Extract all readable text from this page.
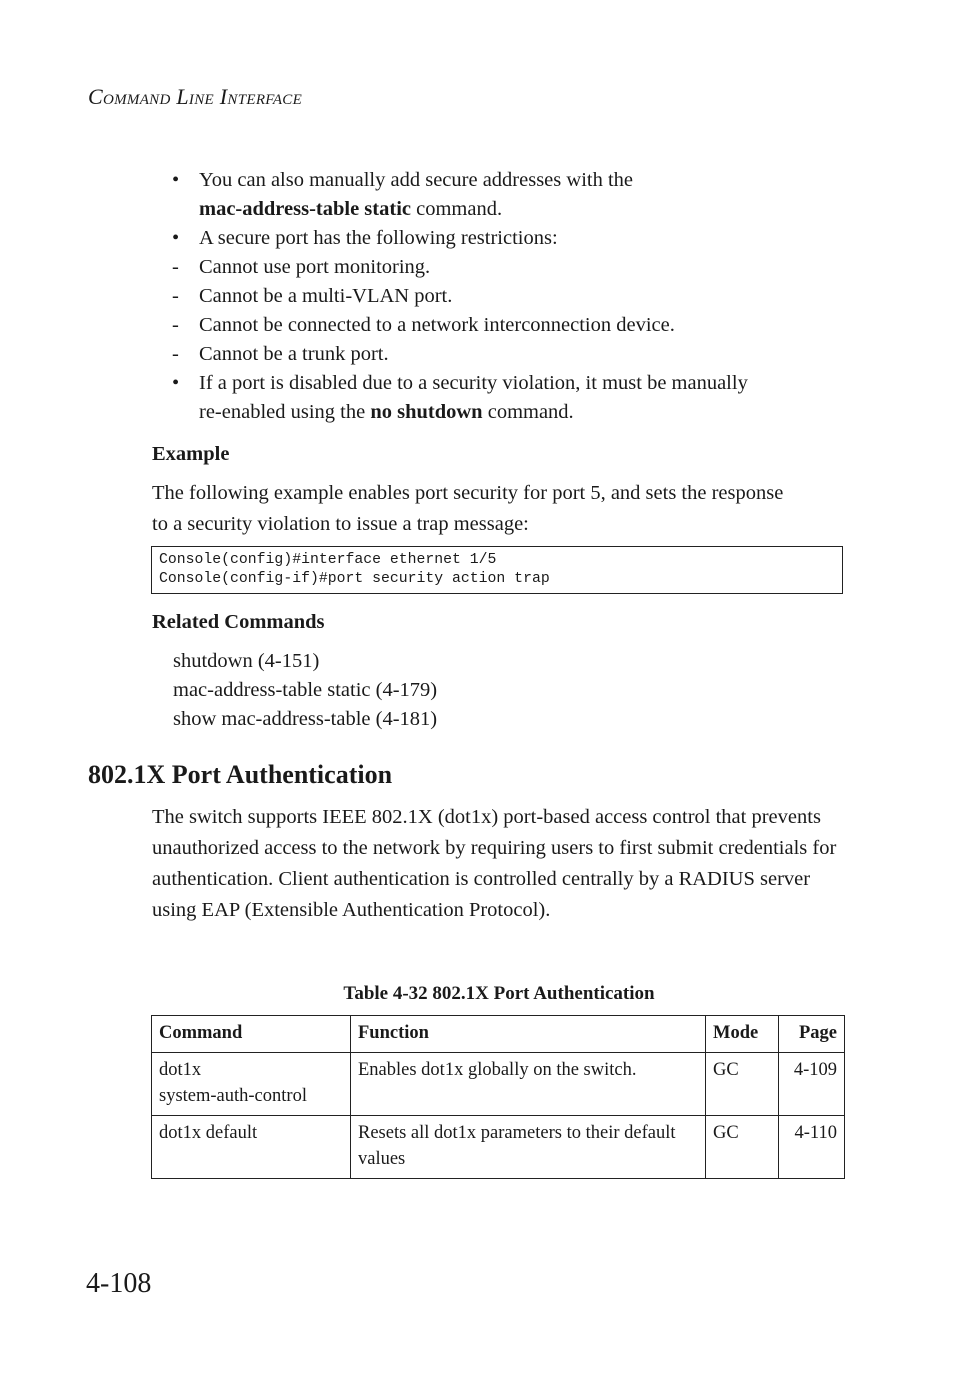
Command Line Interface
• You can also manually add secure addresses with the
mac-address-table static command.
• A secure port has the following restrictions:
- Cannot use port monitoring.
- Cannot be a multi-VLAN port.
- Cannot be connected to a network interconnection device.
- Cannot be a trunk port.
• If a port is disabled due to a security violation, it must be manually
re-enabled using the no shutdown command.
Example
The following example enables port security for port 5, and sets the response to a security violation to issue a trap message:
Console(config)#interface ethernet 1/5
Console(config-if)#port security action trap
Related Commands
shutdown (4-151)
mac-address-table static (4-179)
show mac-address-table (4-181)
802.1X Port Authentication
The switch supports IEEE 802.1X (dot1x) port-based access control that prevents unauthorized access to the network by requiring users to first submit credentials for authentication. Client authentication is controlled centrally by a RADIUS server using EAP (Extensible Authentication Protocol).
Table 4-32 802.1X Port Authentication
Command	Function	Mode	Page
dot1x
system-auth-control	Enables dot1x globally on the switch.	GC	4-109
dot1x default	Resets all dot1x parameters to their default values	GC	4-110
4-108
